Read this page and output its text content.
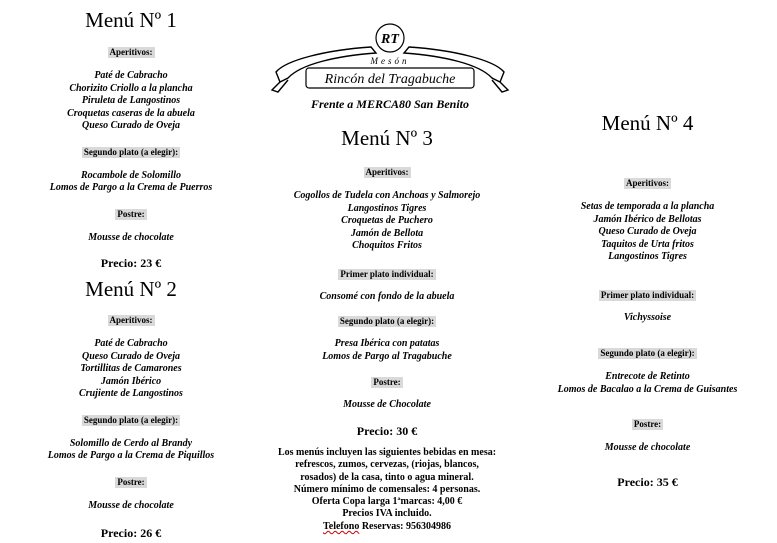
Menú Nº 1
Aperitivos:

Paté de Cabracho

Chorizito Criollo a la plancha

Piruleta de Langostinos

Croquetas caseras de la abuela

Queso Curado de Oveja

Segundo plato (a elegir):

Rocambole de Solomillo

Lomos de Pargo a la Crema de Puerros

Postre:

Mousse de chocolate

Precio: 23 €

Menú Nº 2
Aperitivos:

Paté de Cabracho

Queso Curado de Oveja

Tortillitas de Camarones

Jamón Ibérico

Crujiente de Langostinos

Segundo plato (a elegir):

Solomillo de Cerdo al Brandy

Lomos de Pargo a la Crema de Piquillos

Postre:

Mousse de chocolate

Precio: 26 €

RT
Mesón
Rincón del Tragabuche
Frente a MERCA80 San Benito
Menú Nº 3
Aperitivos:

Cogollos de Tudela con Anchoas y Salmorejo

Langostinos Tigres

Croquetas de Puchero

Jamón de Bellota

Choquitos Fritos

Primer plato individual:

Consomé con fondo de la abuela

Segundo plato (a elegir):

Presa Ibérica con patatas

Lomos de Pargo al Tragabuche

Postre:

Mousse de Chocolate

Precio: 30 €

Los menús incluyen las siguientes bebidas en mesa:
refrescos, zumos, cervezas, (riojas, blancos,
rosados) de la casa, tinto o agua mineral.
Número mínimo de comensales: 4 personas.
Oferta Copa larga 1ªmarcas: 4,00 €
Precios IVA incluido.
Telefono Reservas: 956304986
Menú Nº 4
Aperitivos:

Setas de temporada a la plancha

Jamón Ibérico de Bellotas

Queso Curado de Oveja

Taquitos de Urta fritos

Langostinos Tigres

Primer plato individual:

Vichyssoise

Segundo plato (a elegir):

Entrecote de Retinto

Lomos de Bacalao a la Crema de Guisantes

Postre:

Mousse de chocolate

Precio: 35 €
